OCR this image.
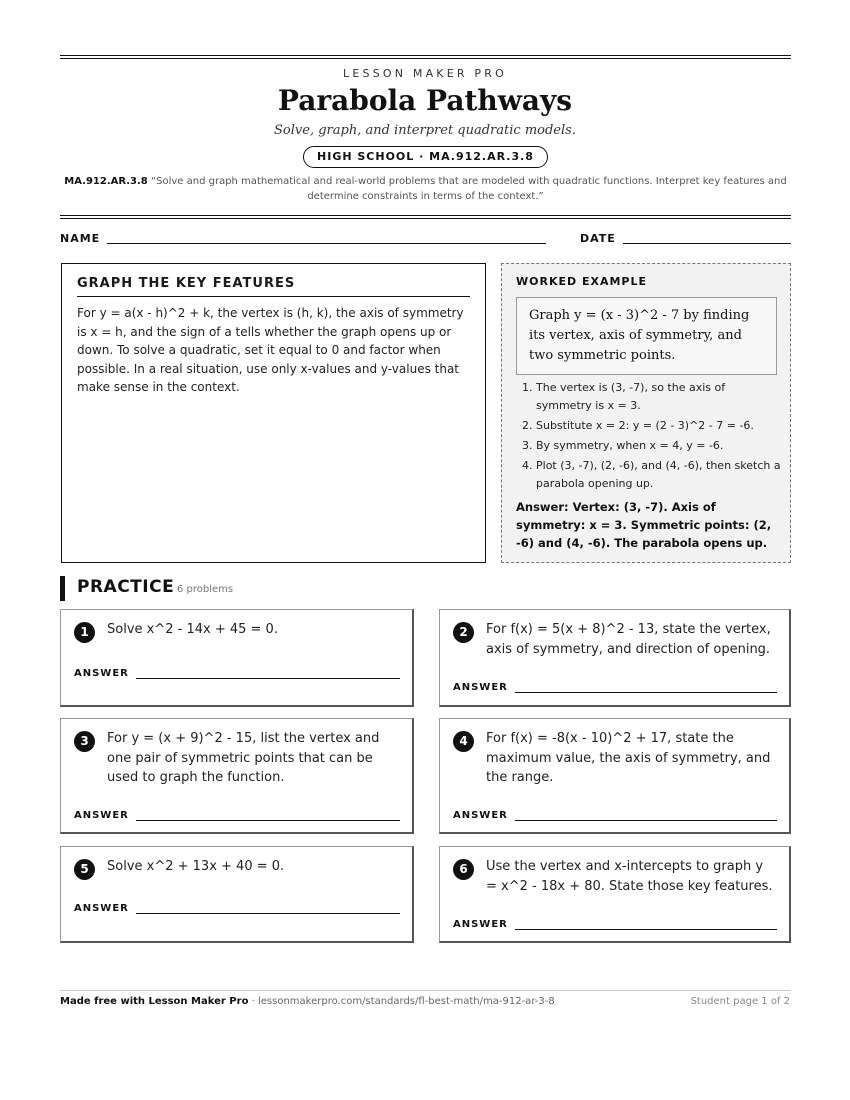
LESSON MAKER PRO
Parabola Pathways
Solve, graph, and interpret quadratic models.
HIGH SCHOOL · MA.912.AR.3.8
MA.912.AR.3.8 “Solve and graph mathematical and real-world problems that are modeled with quadratic functions. Interpret key features and determine constraints in terms of the context.”
NAME	DATE
GRAPH THE KEY FEATURES
For y = a(x - h)^2 + k, the vertex is (h, k), the axis of symmetry is x = h, and the sign of a tells whether the graph opens up or down. To solve a quadratic, set it equal to 0 and factor when possible. In a real situation, use only x-values and y-values that make sense in the context.
WORKED EXAMPLE
Graph y = (x - 3)^2 - 7 by finding its vertex, axis of symmetry, and two symmetric points.
1. The vertex is (3, -7), so the axis of symmetry is x = 3.
2. Substitute x = 2: y = (2 - 3)^2 - 7 = -6.
3. By symmetry, when x = 4, y = -6.
4. Plot (3, -7), (2, -6), and (4, -6), then sketch a parabola opening up.
Answer: Vertex: (3, -7). Axis of symmetry: x = 3. Symmetric points: (2, -6) and (4, -6). The parabola opens up.
PRACTICE 6 problems
1	Solve x^2 - 14x + 45 = 0.
ANSWER
2	For f(x) = 5(x + 8)^2 - 13, state the vertex, axis of symmetry, and direction of opening.
ANSWER
3	For y = (x + 9)^2 - 15, list the vertex and one pair of symmetric points that can be used to graph the function.
ANSWER
4	For f(x) = -8(x - 10)^2 + 17, state the maximum value, the axis of symmetry, and the range.
ANSWER
5	Solve x^2 + 13x + 40 = 0.
ANSWER
6	Use the vertex and x-intercepts to graph y = x^2 - 18x + 80. State those key features.
ANSWER
Made free with Lesson Maker Pro · lessonmakerpro.com/standards/fl-best-math/ma-912-ar-3-8	Student page 1 of 2
